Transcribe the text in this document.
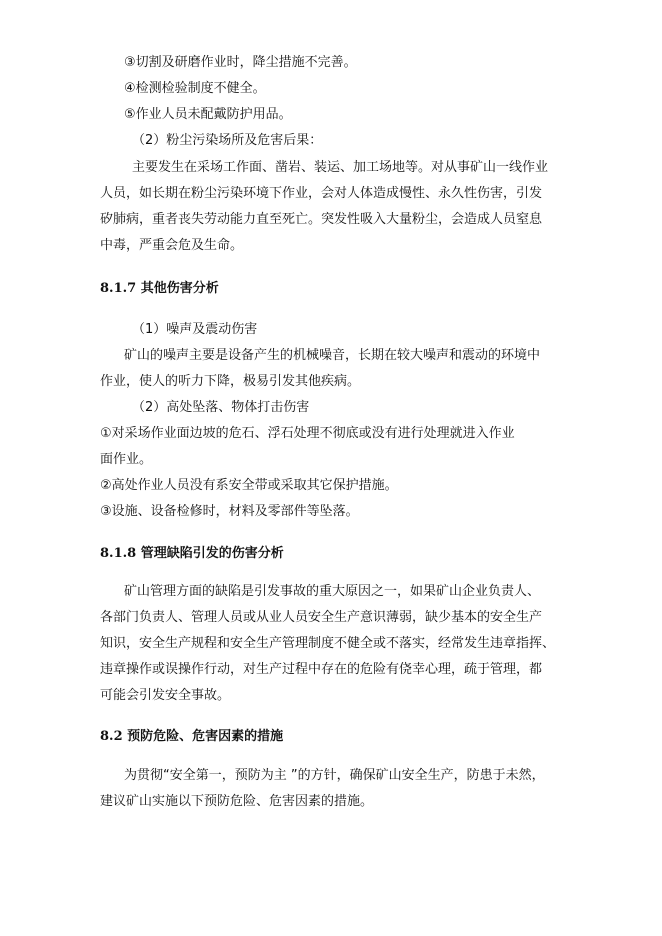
③切割及研磨作业时，降尘措施不完善。
④检测检验制度不健全。
⑤作业人员未配戴防护用品。
（2）粉尘污染场所及危害后果：
主要发生在采场工作面、凿岩、装运、加工场地等。对从事矿山一线作业
人员，如长期在粉尘污染环境下作业，会对人体造成慢性、永久性伤害，引发
矽肺病，重者丧失劳动能力直至死亡。突发性吸入大量粉尘，会造成人员窒息
中毒，严重会危及生命。
8.1.7 其他伤害分析
（1）噪声及震动伤害
矿山的噪声主要是设备产生的机械噪音，长期在较大噪声和震动的环境中
作业，使人的听力下降，极易引发其他疾病。
（2）高处坠落、物体打击伤害
①对采场作业面边坡的危石、浮石处理不彻底或没有进行处理就进入作业
面作业。
②高处作业人员没有系安全带或采取其它保护措施。
③设施、设备检修时，材料及零部件等坠落。
8.1.8 管理缺陷引发的伤害分析
矿山管理方面的缺陷是引发事故的重大原因之一，如果矿山企业负责人、
各部门负责人、管理人员或从业人员安全生产意识薄弱，缺少基本的安全生产
知识，安全生产规程和安全生产管理制度不健全或不落实，经常发生违章指挥、
违章操作或误操作行动，对生产过程中存在的危险有侥幸心理，疏于管理，都
可能会引发安全事故。
8.2 预防危险、危害因素的措施
为贯彻“安全第一，预防为主 ”的方针，确保矿山安全生产，防患于未然，
建议矿山实施以下预防危险、危害因素的措施。
